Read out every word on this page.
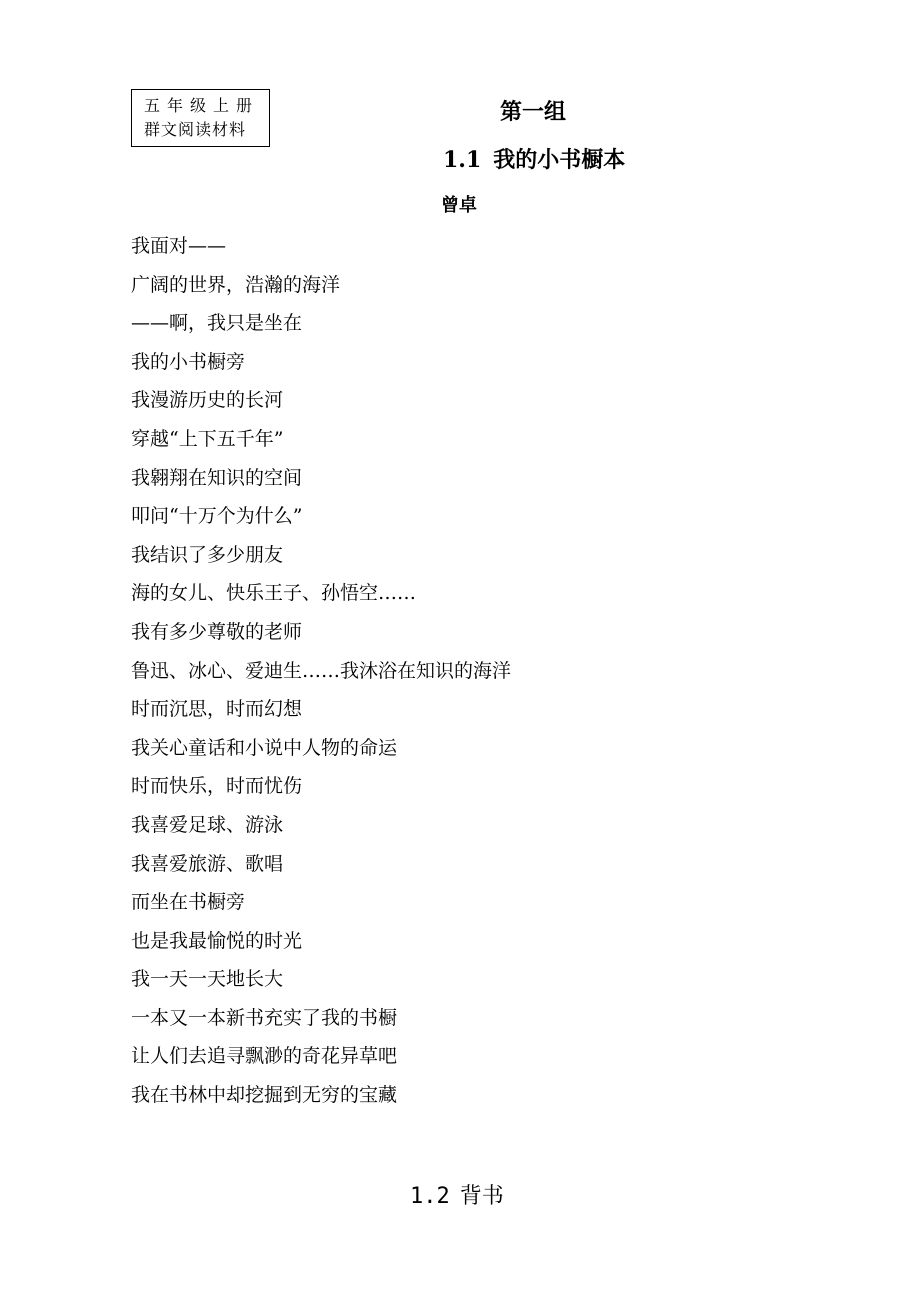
五年级上册
群文阅读材料
第一组
1.1 我的小书橱本
曾卓
我面对——
广阔的世界，浩瀚的海洋
——啊，我只是坐在
我的小书橱旁
我漫游历史的长河
穿越“上下五千年”
我翱翔在知识的空间
叩问“十万个为什么”
我结识了多少朋友
海的女儿、快乐王子、孙悟空……
我有多少尊敬的老师
鲁迅、冰心、爱迪生……我沐浴在知识的海洋
时而沉思，时而幻想
我关心童话和小说中人物的命运
时而快乐，时而忧伤
我喜爱足球、游泳
我喜爱旅游、歌唱
而坐在书橱旁
也是我最愉悦的时光
我一天一天地长大
一本又一本新书充实了我的书橱
让人们去追寻飘渺的奇花异草吧
我在书林中却挖掘到无穷的宝藏
1.2 背书
